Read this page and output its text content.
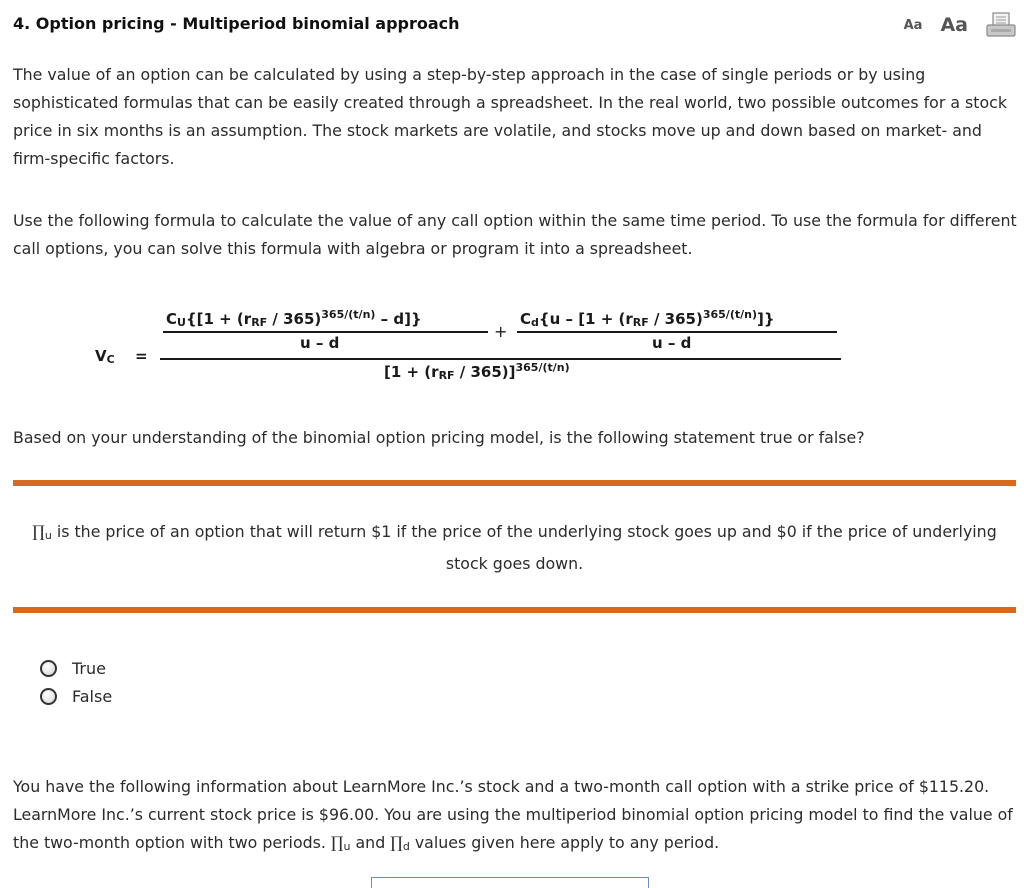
4. Option pricing - Multiperiod binomial approach	Aa Aa
The value of an option can be calculated by using a step-by-step approach in the case of single periods or by using sophisticated formulas that can be easily created through a spreadsheet. In the real world, two possible outcomes for a stock price in six months is an assumption. The stock markets are volatile, and stocks move up and down based on market- and firm-specific factors.
Use the following formula to calculate the value of any call option within the same time period. To use the formula for different call options, you can solve this formula with algebra or program it into a spreadsheet.
VC =
CU{[1 + (rRF / 365)$^{365/(t/n)}$ – d]}
u – d
+
Cd{u – [1 + (rRF / 365)$^{365/(t/n)}$]}
u – d
$[1 + (rRF / 365)]^{365/(t/n)}$
Based on your understanding of the binomial option pricing model, is the following statement true or false?
∏u is the price of an option that will return $1 if the price of the underlying stock goes up and $0 if the price of underlying stock goes down.
True
False
You have the following information about LearnMore Inc.’s stock and a two-month call option with a strike price of $115.20. LearnMore Inc.’s current stock price is $96.00. You are using the multiperiod binomial option pricing model to find the value of the two-month option with two periods. ∏u and ∏d values given here apply to any period.
